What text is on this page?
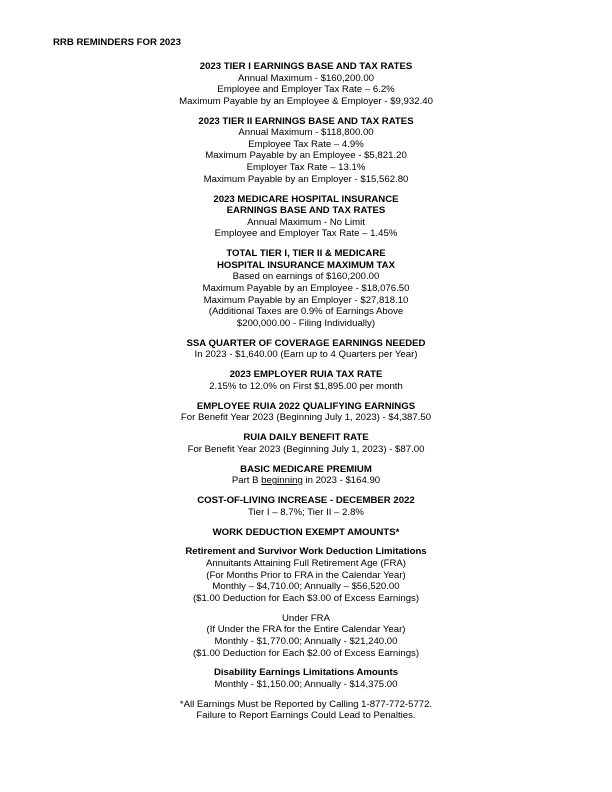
RRB REMINDERS FOR 2023
2023 TIER I EARNINGS BASE AND TAX RATES
Annual Maximum - $160,200.00
Employee and Employer Tax Rate – 6.2%
Maximum Payable by an Employee & Employer - $9,932.40
2023 TIER II EARNINGS BASE AND TAX RATES
Annual Maximum - $118,800.00
Employee Tax Rate – 4.9%
Maximum Payable by an Employee - $5,821.20
Employer Tax Rate – 13.1%
Maximum Payable by an Employer - $15,562.80
2023 MEDICARE HOSPITAL INSURANCE
EARNINGS BASE AND TAX RATES
Annual Maximum - No Limit
Employee and Employer Tax Rate – 1.45%
TOTAL TIER I, TIER II & MEDICARE
HOSPITAL INSURANCE MAXIMUM TAX
Based on earnings of $160,200.00
Maximum Payable by an Employee - $18,076.50
Maximum Payable by an Employer - $27,818.10
(Additional Taxes are 0.9% of Earnings Above
$200,000.00 - Filing Individually)
SSA QUARTER OF COVERAGE EARNINGS NEEDED
In 2023 - $1,640.00 (Earn up to 4 Quarters per Year)
2023 EMPLOYER RUIA TAX RATE
2.15% to 12.0% on First $1,895.00 per month
EMPLOYEE RUIA 2022 QUALIFYING EARNINGS
For Benefit Year 2023 (Beginning July 1, 2023) - $4,387.50
RUIA DAILY BENEFIT RATE
For Benefit Year 2023 (Beginning July 1, 2023) - $87.00
BASIC MEDICARE PREMIUM
Part B beginning in 2023 - $164.90
COST-OF-LIVING INCREASE - DECEMBER 2022
Tier I – 8.7%; Tier II – 2.8%
WORK DEDUCTION EXEMPT AMOUNTS*
Retirement and Survivor Work Deduction Limitations
Annuitants Attaining Full Retirement Age (FRA)
(For Months Prior to FRA in the Calendar Year)
Monthly – $4,710.00; Annually – $56,520.00
($1.00 Deduction for Each $3.00 of Excess Earnings)
Under FRA
(If Under the FRA for the Entire Calendar Year)
Monthly - $1,770.00; Annually - $21,240.00
($1.00 Deduction for Each $2.00 of Excess Earnings)
Disability Earnings Limitations Amounts
Monthly - $1,150.00; Annually - $14,375.00
*All Earnings Must be Reported by Calling 1-877-772-5772.
Failure to Report Earnings Could Lead to Penalties.
